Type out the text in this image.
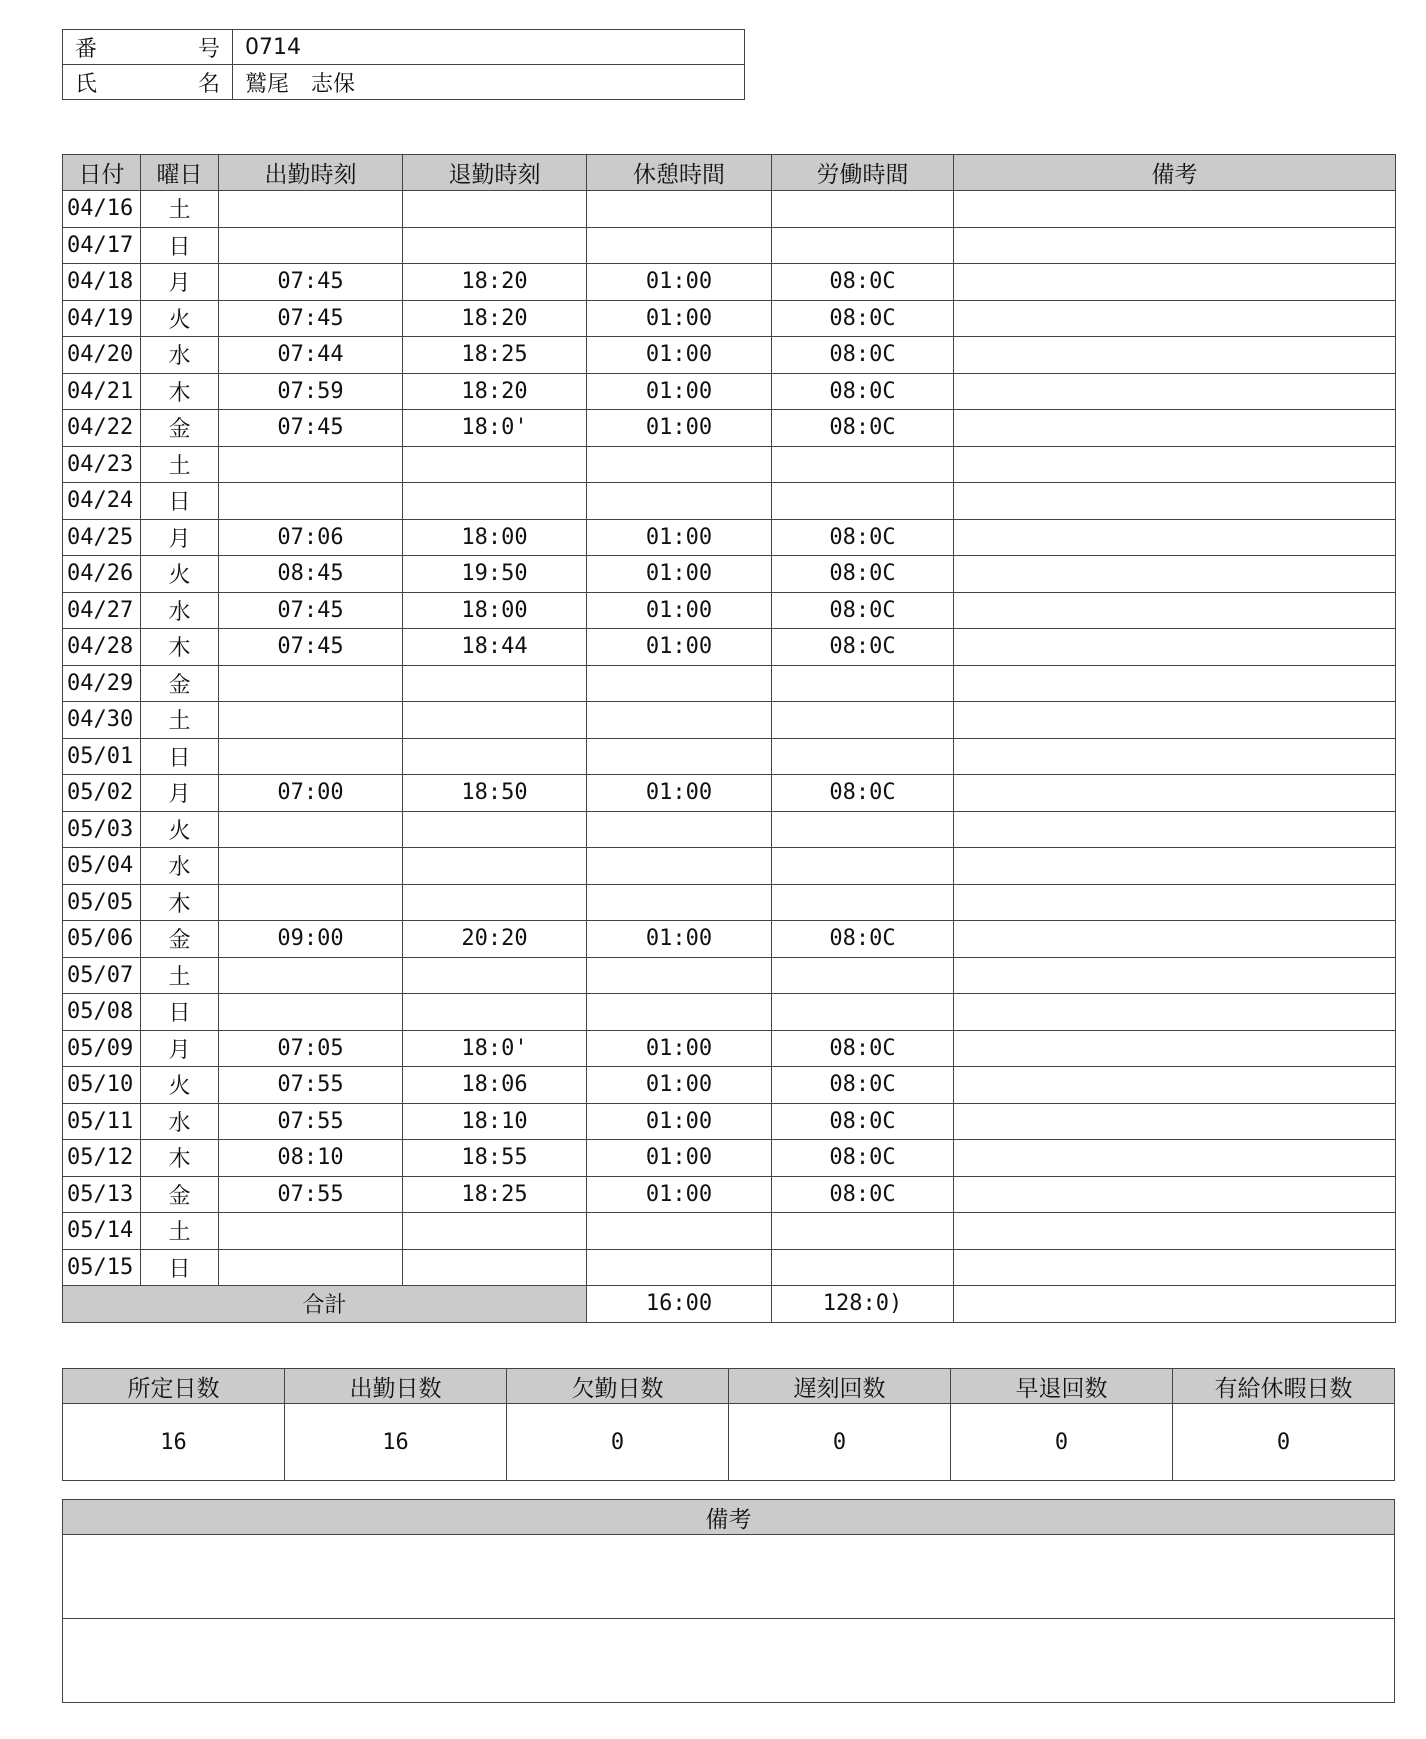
番 号	0714

氏 名	鷲尾　志保
日付	曜日	出勤時刻	退勤時刻	休憩時間	労働時間	備考
04/16	土					
04/17	日					
04/18	月	07:45	18:20	01:00	08:0C	
04/19	火	07:45	18:20	01:00	08:0C	
04/20	水	07:44	18:25	01:00	08:0C	
04/21	木	07:59	18:20	01:00	08:0C	
04/22	金	07:45	18:0'	01:00	08:0C	
04/23	土					
04/24	日					
04/25	月	07:06	18:00	01:00	08:0C	
04/26	火	08:45	19:50	01:00	08:0C	
04/27	水	07:45	18:00	01:00	08:0C	
04/28	木	07:45	18:44	01:00	08:0C	
04/29	金					
04/30	土					
05/01	日					
05/02	月	07:00	18:50	01:00	08:0C	
05/03	火					
05/04	水					
05/05	木					
05/06	金	09:00	20:20	01:00	08:0C	
05/07	土					
05/08	日					
05/09	月	07:05	18:0'	01:00	08:0C	
05/10	火	07:55	18:06	01:00	08:0C	
05/11	水	07:55	18:10	01:00	08:0C	
05/12	木	08:10	18:55	01:00	08:0C	
05/13	金	07:55	18:25	01:00	08:0C	
05/14	土					
05/15	日					
合計				16:00	128:0)	
所定日数	出勤日数	欠勤日数	遅刻回数	早退回数	有給休暇日数
16	16	0	0	0	0
備考
